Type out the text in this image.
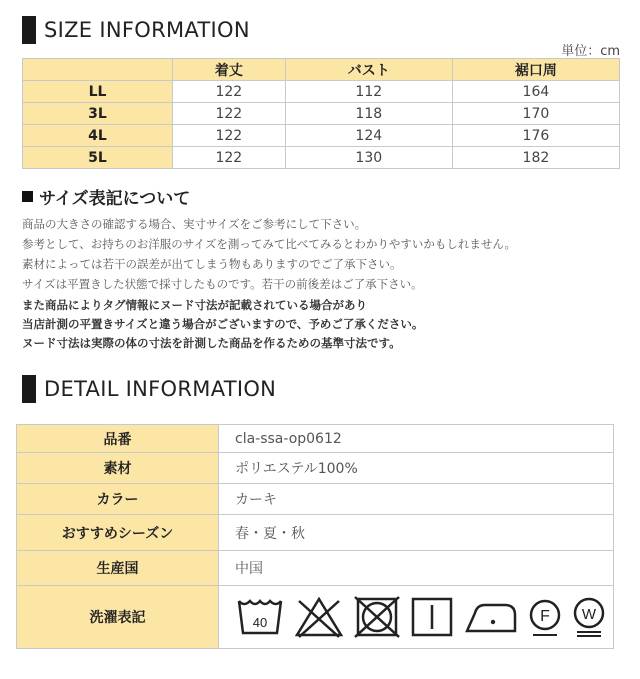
SIZE INFORMATION
単位：cm
	着丈	バスト	裾口周
LL	122	112	164
3L	122	118	170
4L	122	124	176
5L	122	130	182
サイズ表記について

商品の大きさの確認する場合、実寸サイズをご参考にして下さい。

参考として、お持ちのお洋服のサイズを測ってみて比べてみるとわかりやすいかもしれません。

素材によっては若干の誤差が出てしまう物もありますのでご了承下さい。

サイズは平置きした状態で採寸したものです。若干の前後差はご了承下さい。

また商品によりタグ情報にヌード寸法が記載されている場合があり

当店計測の平置きサイズと違う場合がございますので、予めご了承ください。

ヌード寸法は実際の体の寸法を計測した商品を作るための基準寸法です。

DETAIL INFORMATION
品番	cla-ssa-op0612
素材	ポリエステル100%
カラー	カーキ
おすすめシーズン	春・夏・秋
生産国	中国
洗濯表記	40 F W
